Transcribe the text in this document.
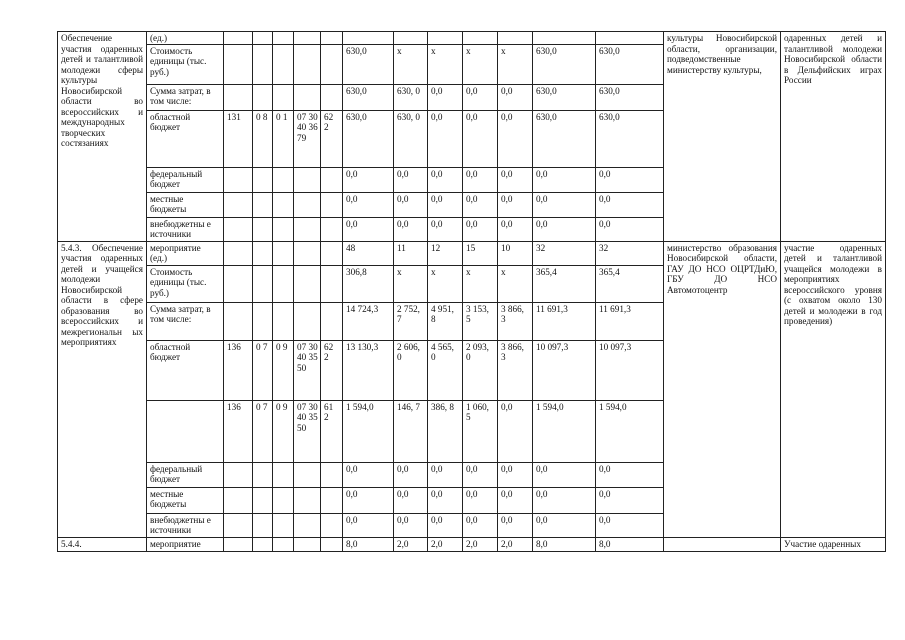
Обеспечение участия одаренных детей и талантливой молодежи сферы культуры Новосибирской области во всероссийских и международных творческих состязаниях	(ед.)													культуры Новосибирской области, организации, подведомственные министерству культуры,	одаренных детей и талантливой молодежи Новосибирской области в Дельфийских играх России
	Стоимость единицы (тыс. руб.)						630,0	x	x	x	x	630,0	630,0		
	Сумма затрат, в том числе:						630,0	630, 0	0,0	0,0	0,0	630,0	630,0		
	областной бюджет	131	0 8	0 1	07 30 40 36 79	62 2	630,0	630, 0	0,0	0,0	0,0	630,0	630,0		
	федеральный бюджет						0,0	0,0	0,0	0,0	0,0	0,0	0,0		
	местные бюджеты						0,0	0,0	0,0	0,0	0,0	0,0	0,0		
	внебюджетны е источники						0,0	0,0	0,0	0,0	0,0	0,0	0,0		
5.4.3. Обеспечение участия одаренных детей и учащейся молодежи Новосибирской области в сфере образования во всероссийских и межрегиональн ых мероприятиях	мероприятие (ед.)						48	11	12	15	10	32	32	министерство образования Новосибирской области, ГАУ ДО НСО ОЦРТДиЮ, ГБУ ДО НСО Автомотоцентр	участие одаренных детей и талантливой учащейся молодежи в мероприятиях всероссийского уровня (с охватом около 130 детей и молодежи в год проведения)
	Стоимость единицы (тыс. руб.)						306,8	x	x	x	x	365,4	365,4		
	Сумма затрат, в том числе:						14 724,3	2 752, 7	4 951, 8	3 153, 5	3 866, 3	11 691,3	11 691,3		
	областной бюджет	136	0 7	0 9	07 30 40 35 50	62 2	13 130,3	2 606, 0	4 565, 0	2 093, 0	3 866, 3	10 097,3	10 097,3		
		136	0 7	0 9	07 30 40 35 50	61 2	1 594,0	146, 7	386, 8	1 060, 5	0,0	1 594,0	1 594,0		
	федеральный бюджет						0,0	0,0	0,0	0,0	0,0	0,0	0,0		
	местные бюджеты						0,0	0,0	0,0	0,0	0,0	0,0	0,0		
	внебюджетны е источники						0,0	0,0	0,0	0,0	0,0	0,0	0,0		
5.4.4.	мероприятие						8,0	2,0	2,0	2,0	2,0	8,0	8,0		Участие одаренных
